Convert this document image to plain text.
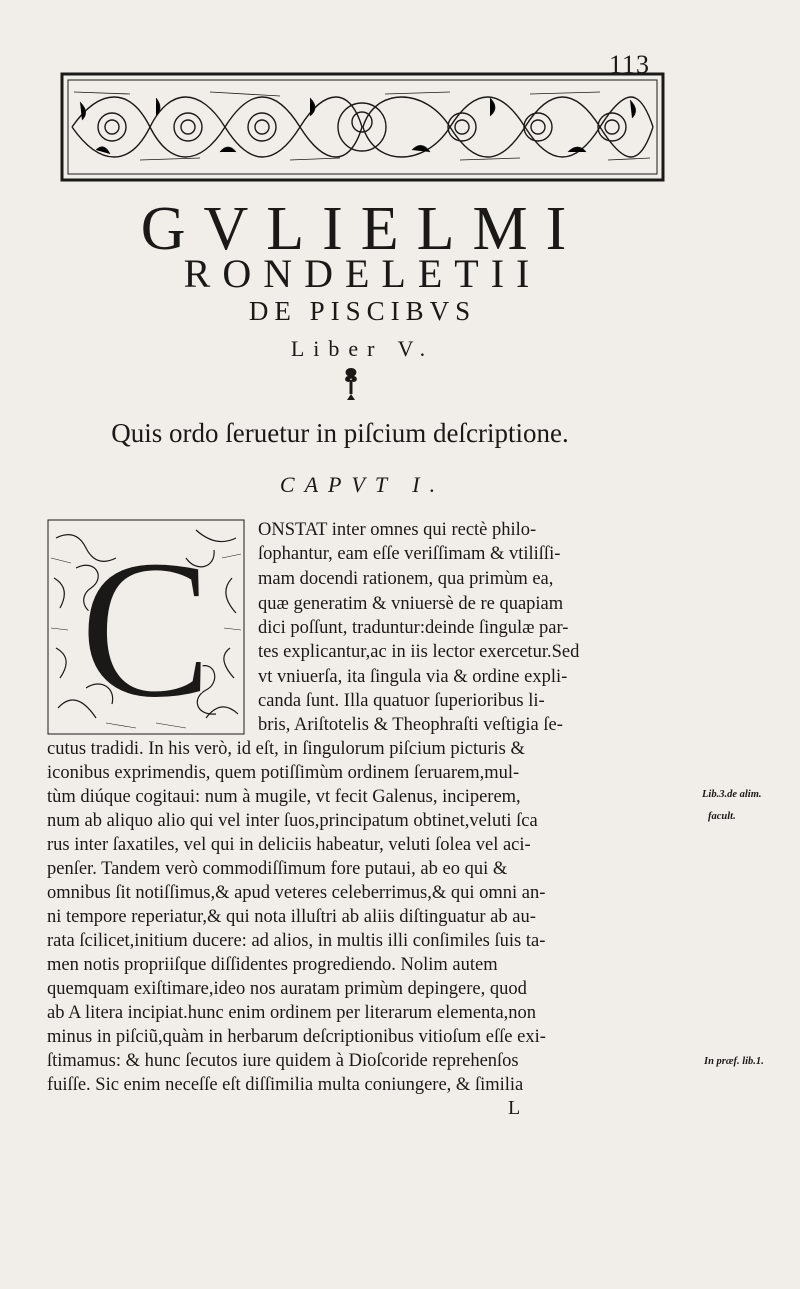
113
GVLIELMI
RONDELETII
DE PISCIBVS
Liber V.
Quis ordo ſeruetur in piſcium deſcriptione.
CAPVT I.
C ONSTAT inter omnes qui rectè philo-
ſophantur, eam eſſe veriſſimam & vtiliſſi-
mam docendi rationem, qua primùm ea,
quæ generatim & vniuersè de re quapiam
dici poſſunt, traduntur:deinde ſingulæ par-
tes explicantur,ac in iis lector exercetur.Sed
vt vniuerſa, ita ſingula via & ordine expli-
canda ſunt. Illa quatuor ſuperioribus li-
bris, Ariſtotelis & Theophraſti veſtigia ſe-
cutus tradidi. In his verò, id eſt, in ſingulorum piſcium picturis &
iconibus exprimendis, quem potiſſimùm ordinem ſeruarem,mul-
tùm diúque cogitaui: num à mugile, vt fecit Galenus, inciperem,
num ab aliquo alio qui vel inter ſuos,principatum obtinet,veluti ſca
rus inter ſaxatiles, vel qui in deliciis habeatur, veluti ſolea vel aci-
penſer. Tandem verò commodiſſimum fore putaui, ab eo qui &
omnibus ſit notiſſimus,& apud veteres celeberrimus,& qui omni an-
ni tempore reperiatur,& qui nota illuſtri ab aliis diſtinguatur ab au-
rata ſcilicet,initium ducere: ad alios, in multis illi conſimiles ſuis ta-
men notis propriiſque diſſidentes progrediendo. Nolim autem
quemquam exiſtimare,ideo nos auratam primùm depingere, quod
ab A litera incipiat.hunc enim ordinem per literarum elementa,non
minus in piſciũ,quàm in herbarum deſcriptionibus vitioſum eſſe exi-
ſtimamus: & hunc ſecutos iure quidem à Dioſcoride reprehenſos
fuiſſe. Sic enim neceſſe eſt diſſimilia multa coniungere, & ſimilia
Lib.3.de alim.
facult.
In præf. lib.1.
L
